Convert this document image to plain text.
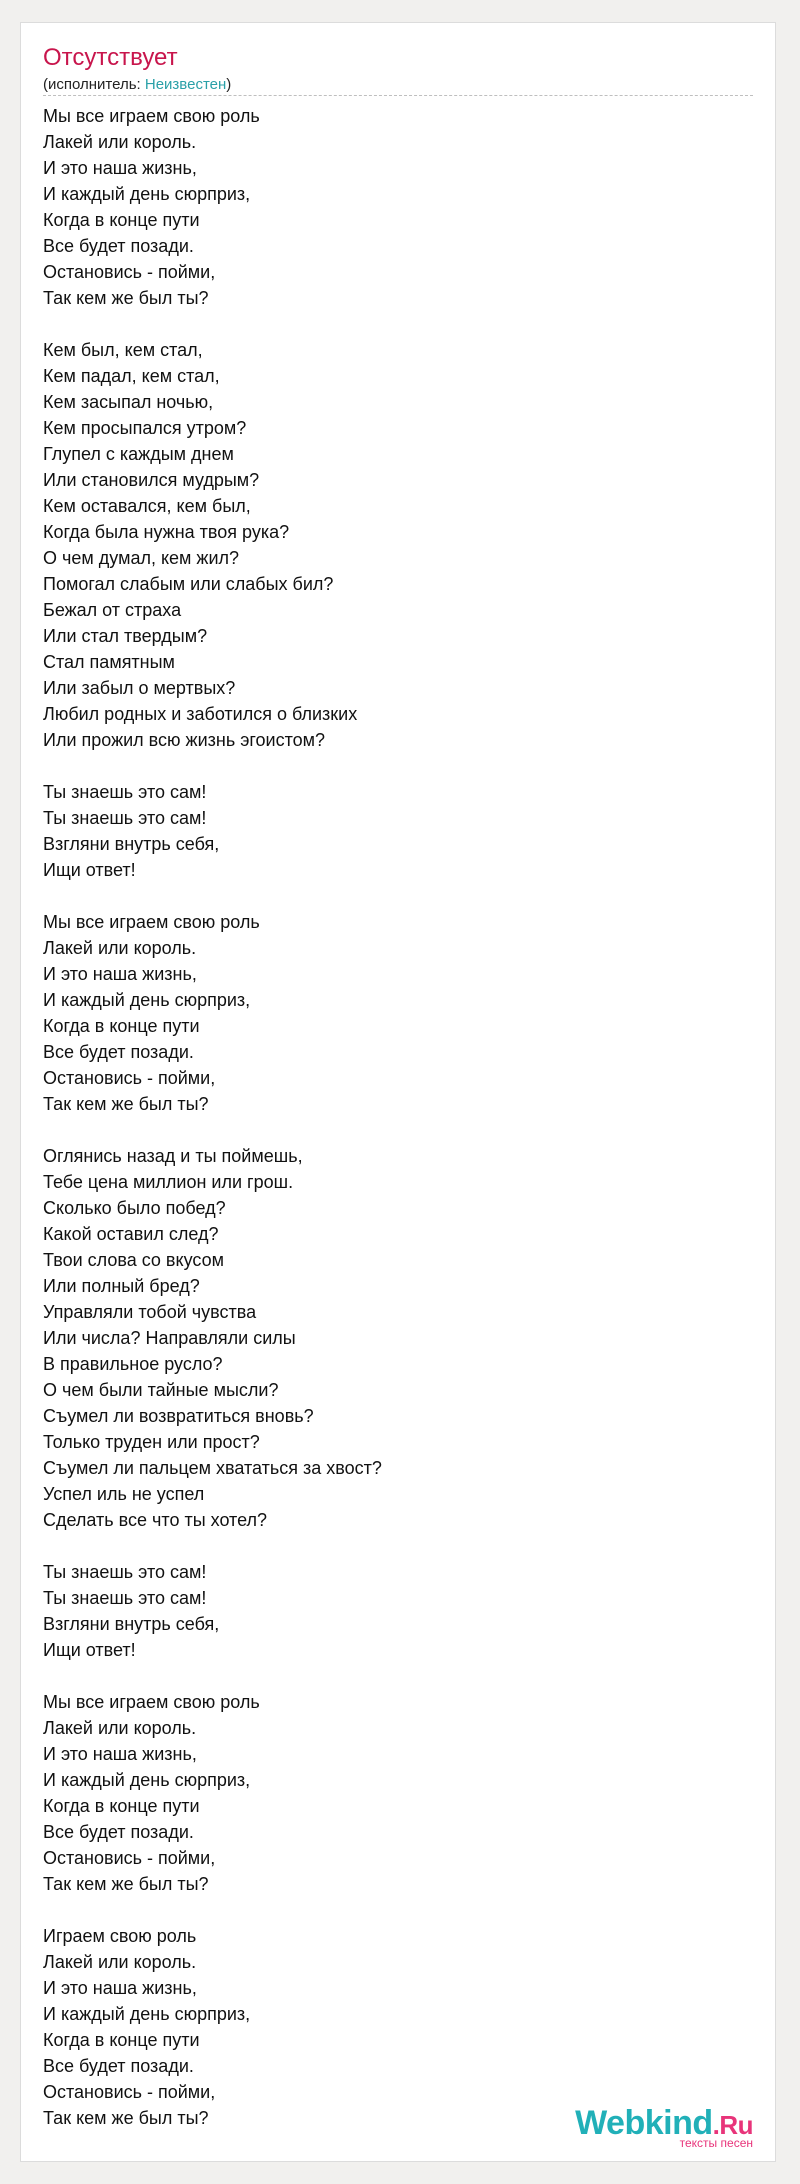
Отсутствует
(исполнитель: Неизвестен)
Мы все играем свою роль
Лакей или король.
И это наша жизнь,
И каждый день сюрприз,
Когда в конце пути
Все будет позади.
Остановись - пойми,
Так кем же был ты?
Кем был, кем стал,
Кем падал, кем стал,
Кем засыпал ночью,
Кем просыпался утром?
Глупел с каждым днем
Или становился мудрым?
Кем оставался, кем был,
Когда была нужна твоя рука?
О чем думал, кем жил?
Помогал слабым или слабых бил?
Бежал от страха
Или стал твердым?
Стал памятным
Или забыл о мертвых?
Любил родных и заботился о близких
Или прожил всю жизнь эгоистом?
Ты знаешь это сам!
Ты знаешь это сам!
Взгляни внутрь себя,
Ищи ответ!
Мы все играем свою роль
Лакей или король.
И это наша жизнь,
И каждый день сюрприз,
Когда в конце пути
Все будет позади.
Остановись - пойми,
Так кем же был ты?
Оглянись назад и ты поймешь,
Тебе цена миллион или грош.
Сколько было побед?
Какой оставил след?
Твои слова со вкусом
Или полный бред?
Управляли тобой чувства
Или числа? Направляли силы
В правильное русло?
О чем были тайные мысли?
Съумел ли возвратиться вновь?
Только труден или прост?
Съумел ли пальцем хвататься за хвост?
Успел иль не успел
Сделать все что ты хотел?
Ты знаешь это сам!
Ты знаешь это сам!
Взгляни внутрь себя,
Ищи ответ!
Мы все играем свою роль
Лакей или король.
И это наша жизнь,
И каждый день сюрприз,
Когда в конце пути
Все будет позади.
Остановись - пойми,
Так кем же был ты?
Играем свою роль
Лакей или король.
И это наша жизнь,
И каждый день сюрприз,
Когда в конце пути
Все будет позади.
Остановись - пойми,
Так кем же был ты?	Webkind.Ru
тексты песен
